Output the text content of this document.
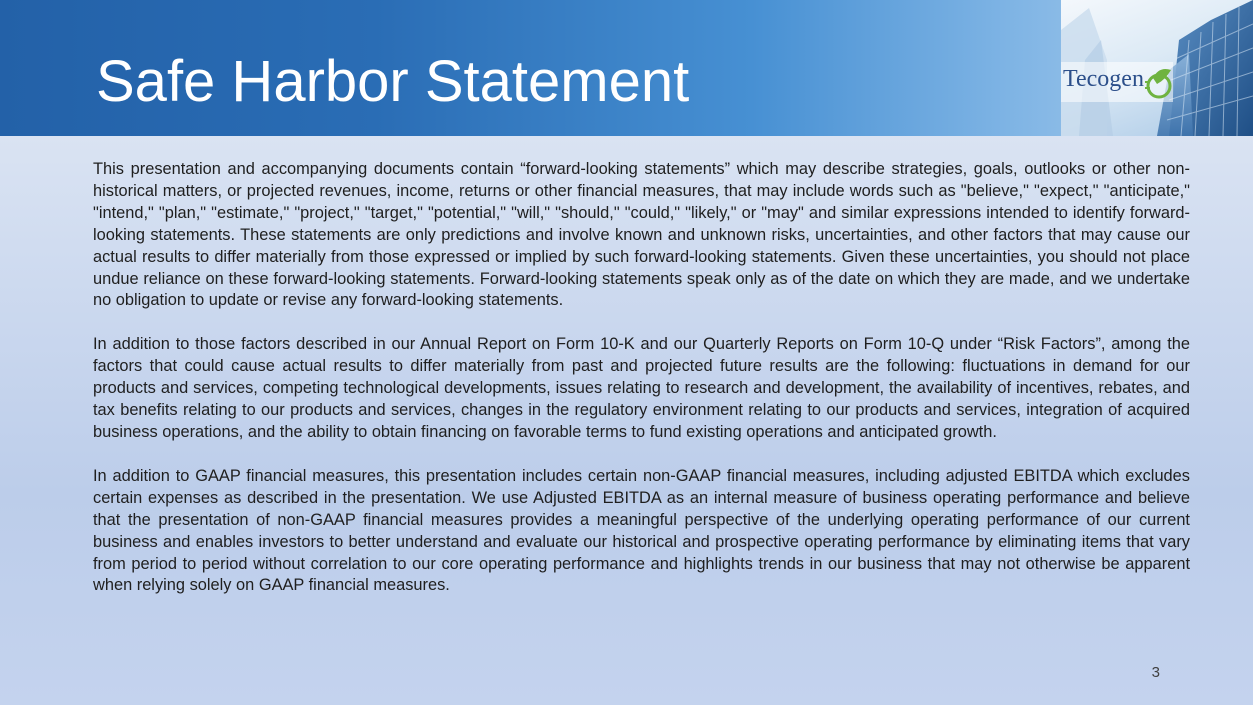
Safe Harbor Statement	Tecogen

This presentation and accompanying documents contain “forward-looking statements” which may describe strategies, goals, outlooks or other non-historical matters, or projected revenues, income, returns or other financial measures, that may include words such as "believe," "expect," "anticipate," "intend," "plan," "estimate," "project," "target," "potential," "will," "should," "could," "likely," or "may" and similar expressions intended to identify forward-looking statements. These statements are only predictions and involve known and unknown risks, uncertainties, and other factors that may cause our actual results to differ materially from those expressed or implied by such forward-looking statements. Given these uncertainties, you should not place undue reliance on these forward-looking statements. Forward-looking statements speak only as of the date on which they are made, and we undertake no obligation to update or revise any forward-looking statements.

In addition to those factors described in our Annual Report on Form 10-K and our Quarterly Reports on Form 10-Q under “Risk Factors”, among the factors that could cause actual results to differ materially from past and projected future results are the following: fluctuations in demand for our products and services, competing technological developments, issues relating to research and development, the availability of incentives, rebates, and tax benefits relating to our products and services, changes in the regulatory environment relating to our products and services, integration of acquired business operations, and the ability to obtain financing on favorable terms to fund existing operations and anticipated growth.

In addition to GAAP financial measures, this presentation includes certain non-GAAP financial measures, including adjusted EBITDA which excludes certain expenses as described in the presentation. We use Adjusted EBITDA as an internal measure of business operating performance and believe that the presentation of non-GAAP financial measures provides a meaningful perspective of the underlying operating performance of our current business and enables investors to better understand and evaluate our historical and prospective operating performance by eliminating items that vary from period to period without correlation to our core operating performance and highlights trends in our business that may not otherwise be apparent when relying solely on GAAP financial measures.

3
